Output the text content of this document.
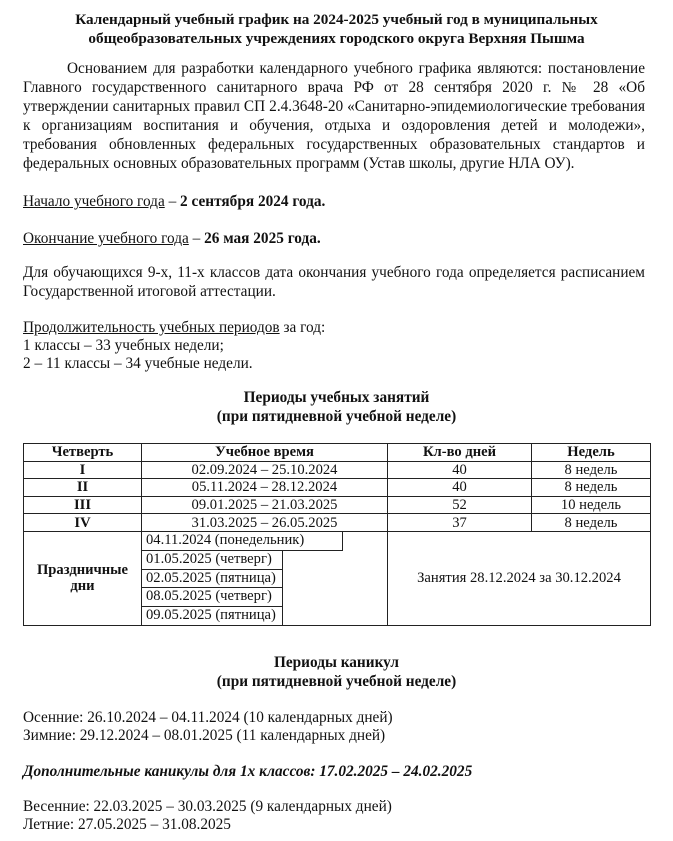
Календарный учебный график на 2024-2025 учебный год в муниципальных общеобразовательных учреждениях городского округа Верхняя Пышма
Основанием для разработки календарного учебного графика являются: постановление Главного государственного санитарного врача РФ от 28 сентября 2020 г. № 28 «Об утверждении санитарных правил СП 2.4.3648-20 «Санитарно-эпидемиологические требования к организациям воспитания и обучения, отдыха и оздоровления детей и молодежи», требования обновленных федеральных государственных образовательных стандартов и федеральных основных образовательных программ (Устав школы, другие НЛА ОУ).
Начало учебного года – 2 сентября 2024 года.
Окончание учебного года – 26 мая 2025 года.
Для обучающихся 9-х, 11-х классов дата окончания учебного года определяется расписанием Государственной итоговой аттестации.
Продолжительность учебных периодов за год:
1 классы – 33 учебных недели;
2 – 11 классы – 34 учебные недели.
Периоды учебных занятий
(при пятидневной учебной неделе)
Четверть	Учебное время	Кл-во дней	Недель
I	02.09.2024 – 25.10.2024	40	8 недель
II	05.11.2024 – 28.12.2024	40	8 недель
III	09.01.2025 – 21.03.2025	52	10 недель
IV	31.03.2025 – 26.05.2025	37	8 недель
Праздничные
дни	04.11.2024 (понедельник)
01.05.2025 (четверг)
02.05.2025 (пятница)
08.05.2025 (четверг)
09.05.2025 (пятница)	Занятия 28.12.2024 за 30.12.2024	
Периоды каникул
(при пятидневной учебной неделе)
Осенние: 26.10.2024 – 04.11.2024 (10 календарных дней)
Зимние: 29.12.2024 – 08.01.2025 (11 календарных дней)
Дополнительные каникулы для 1х классов: 17.02.2025 – 24.02.2025
Весенние: 22.03.2025 – 30.03.2025 (9 календарных дней)
Летние: 27.05.2025 – 31.08.2025
